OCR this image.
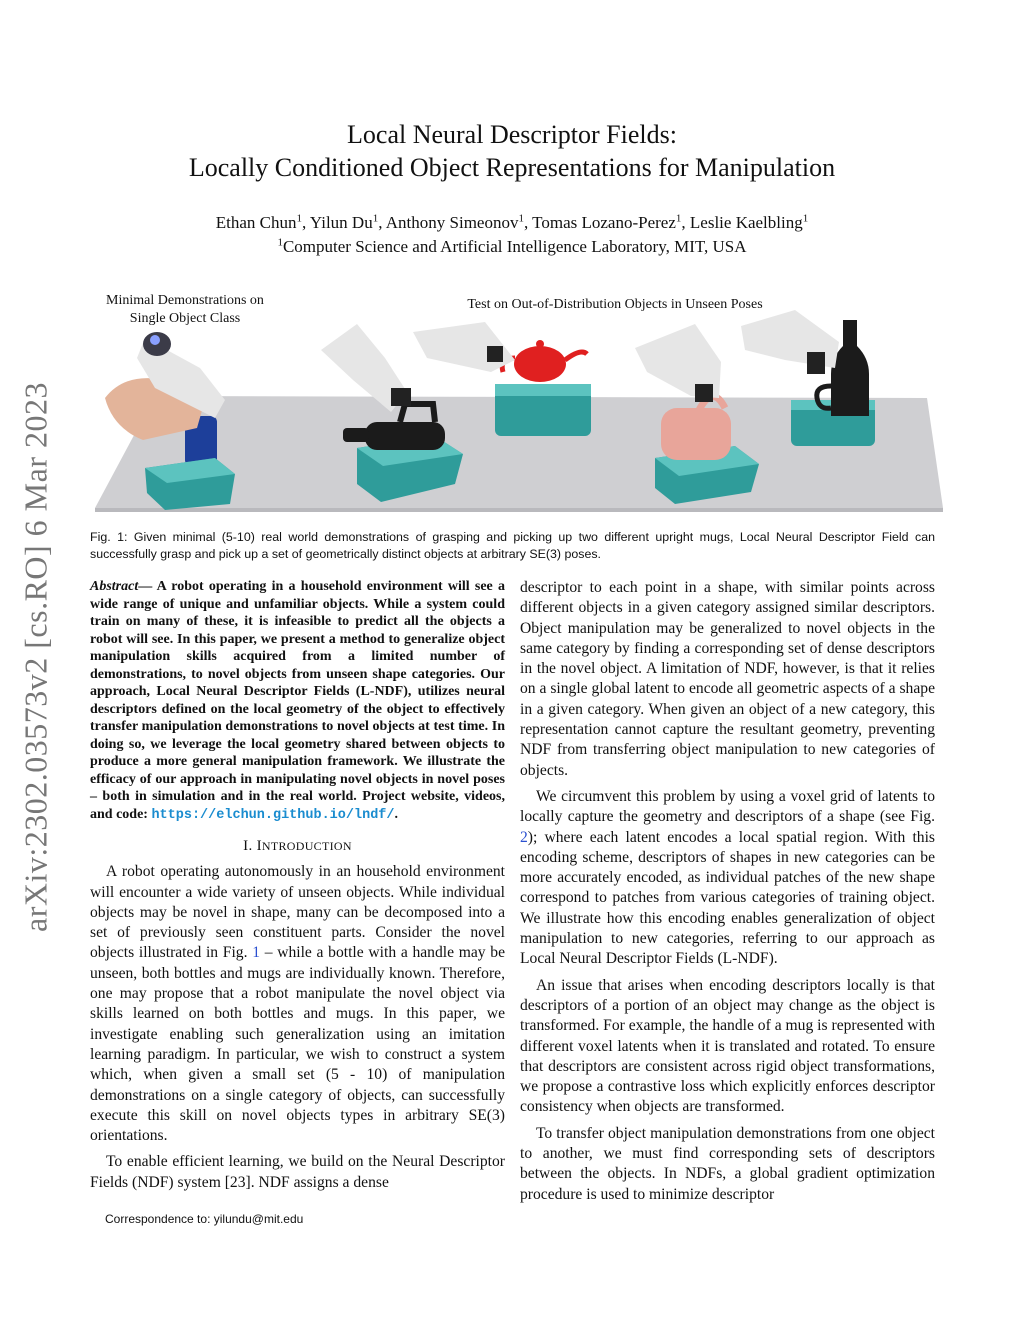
arXiv:2302.03573v2 [cs.RO] 6 Mar 2023
Local Neural Descriptor Fields:
Locally Conditioned Object Representations for Manipulation
Ethan Chun$^1$, Yilun Du$^1$, Anthony Simeonov$^1$, Tomas Lozano-Perez$^1$, Leslie Kaelbling$^1$
$^1$Computer Science and Artificial Intelligence Laboratory, MIT, USA
Minimal Demonstrations on
Single Object Class
Test on Out-of-Distribution Objects in Unseen Poses
Fig. 1: Given minimal (5-10) real world demonstrations of grasping and picking up two different upright mugs, Local Neural Descriptor Field can successfully grasp and pick up a set of geometrically distinct objects at arbitrary SE(3) poses.

Abstract— A robot operating in a household environment will see a wide range of unique and unfamiliar objects. While a system could train on many of these, it is infeasible to predict all the objects a robot will see. In this paper, we present a method to generalize object manipulation skills acquired from a limited number of demonstrations, to novel objects from unseen shape categories. Our approach, Local Neural Descriptor Fields (L-NDF), utilizes neural descriptors defined on the local geometry of the object to effectively transfer manipulation demonstrations to novel objects at test time. In doing so, we leverage the local geometry shared between objects to produce a more general manipulation framework. We illustrate the efficacy of our approach in manipulating novel objects in novel poses – both in simulation and in the real world. Project website, videos, and code: https://elchun.github.io/lndf/.

I. INTRODUCTION

A robot operating autonomously in an household environment will encounter a wide variety of unseen objects. While individual objects may be novel in shape, many can be decomposed into a set of previously seen constituent parts. Consider the novel objects illustrated in Fig. 1 – while a bottle with a handle may be unseen, both bottles and mugs are individually known. Therefore, one may propose that a robot manipulate the novel object via skills learned on both bottles and mugs. In this paper, we investigate enabling such generalization using an imitation learning paradigm. In particular, we wish to construct a system which, when given a small set (5 - 10) of manipulation demonstrations on a single category of objects, can successfully execute this skill on novel objects types in arbitrary SE(3) orientations.

To enable efficient learning, we build on the Neural Descriptor Fields (NDF) system [23]. NDF assigns a dense

descriptor to each point in a shape, with similar points across different objects in a given category assigned similar descriptors. Object manipulation may be generalized to novel objects in the same category by finding a corresponding set of dense descriptors in the novel object. A limitation of NDF, however, is that it relies on a single global latent to encode all geometric aspects of a shape in a given category. When given an object of a new category, this representation cannot capture the resultant geometry, preventing NDF from transferring object manipulation to new categories of objects.

We circumvent this problem by using a voxel grid of latents to locally capture the geometry and descriptors of a shape (see Fig. 2); where each latent encodes a local spatial region. With this encoding scheme, descriptors of shapes in new categories can be more accurately encoded, as individual patches of the new shape correspond to patches from various categories of training object. We illustrate how this encoding enables generalization of object manipulation to new categories, referring to our approach as Local Neural Descriptor Fields (L-NDF).

An issue that arises when encoding descriptors locally is that descriptors of a portion of an object may change as the object is transformed. For example, the handle of a mug is represented with different voxel latents when it is translated and rotated. To ensure that descriptors are consistent across rigid object transformations, we propose a contrastive loss which explicitly enforces descriptor consistency when objects are transformed.

To transfer object manipulation demonstrations from one object to another, we must find corresponding sets of descriptors between the objects. In NDFs, a global gradient optimization procedure is used to minimize descriptor

Correspondence to: yilundu@mit.edu
